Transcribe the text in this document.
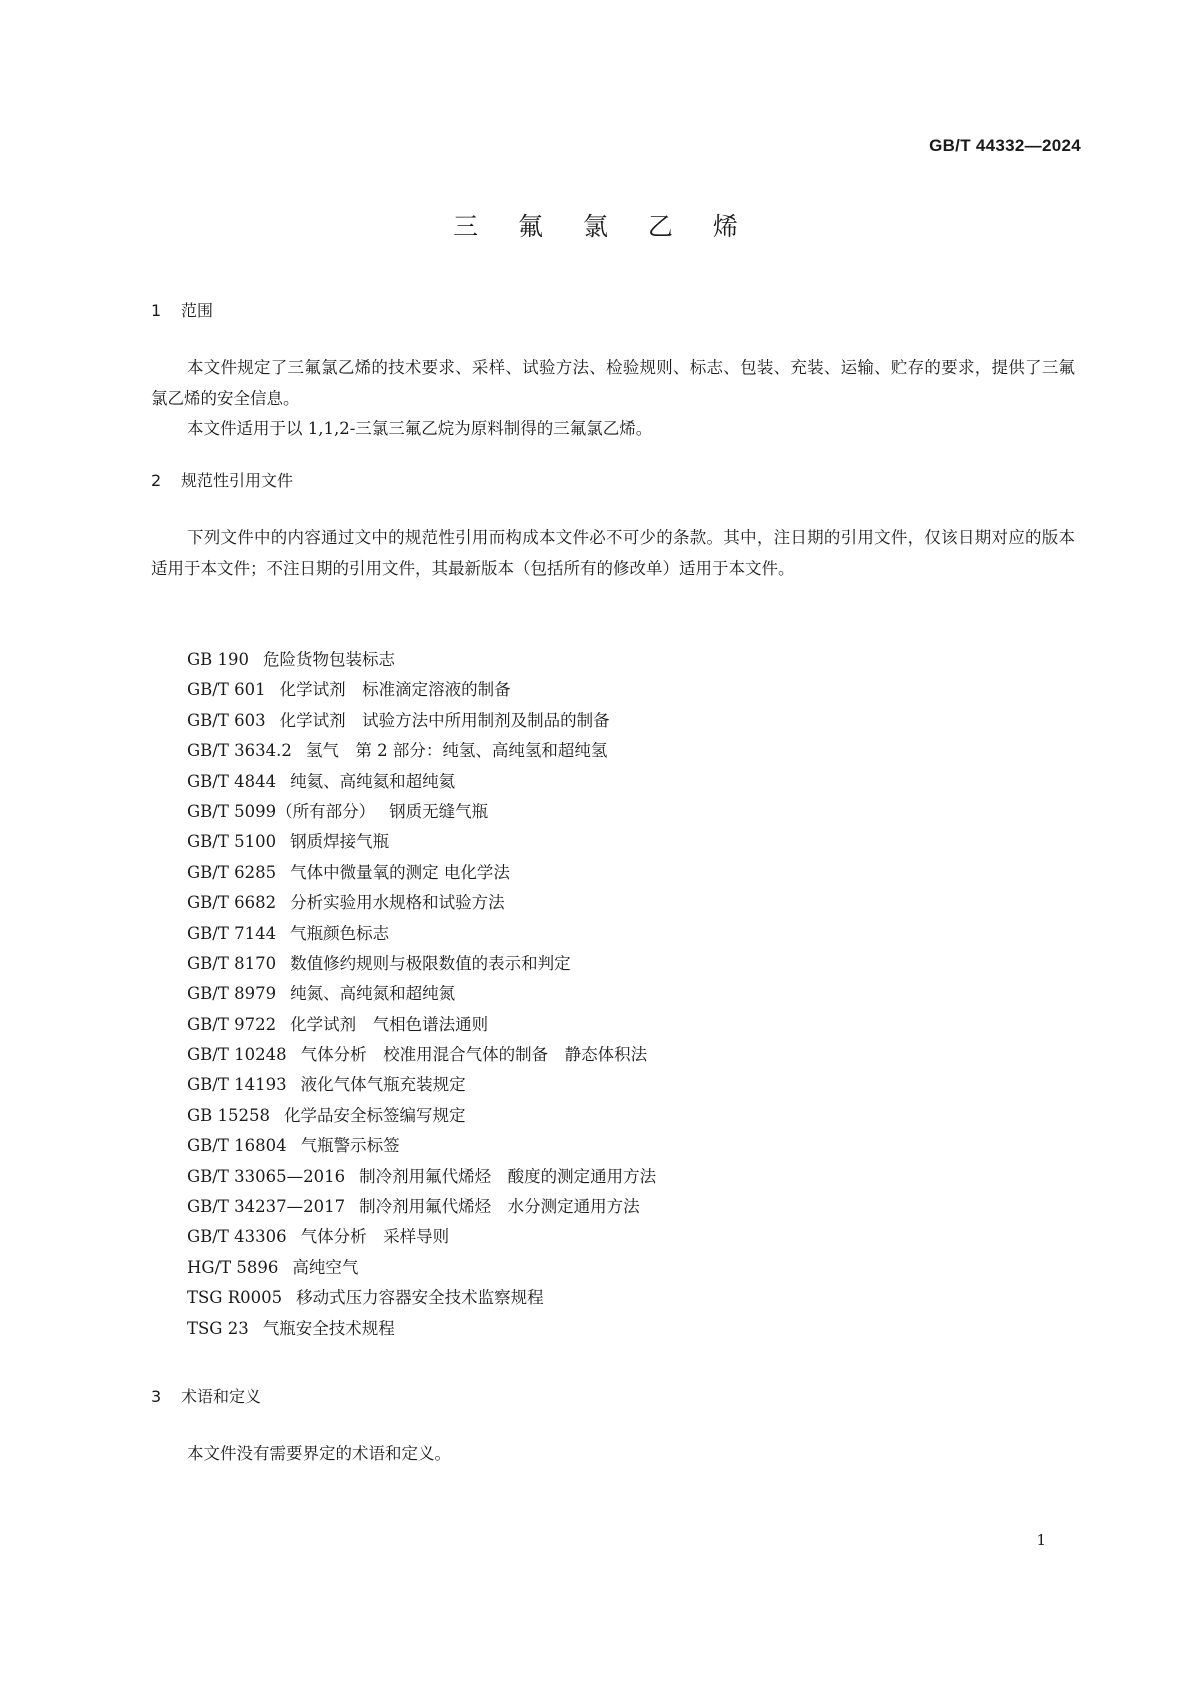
GB/T 44332—2024
三 氟 氯 乙 烯
1 范围
本文件规定了三氟氯乙烯的技术要求、采样、试验方法、检验规则、标志、包装、充装、运输、贮存的要求，提供了三氟氯乙烯的安全信息。
本文件适用于以 1,1,2-三氯三氟乙烷为原料制得的三氟氯乙烯。
2 规范性引用文件
下列文件中的内容通过文中的规范性引用而构成本文件必不可少的条款。其中，注日期的引用文件，仅该日期对应的版本适用于本文件；不注日期的引用文件，其最新版本（包括所有的修改单）适用于本文件。
GB 190 危险货物包装标志
GB/T 601 化学试剂　标准滴定溶液的制备
GB/T 603 化学试剂　试验方法中所用制剂及制品的制备
GB/T 3634.2 氢气　第 2 部分：纯氢、高纯氢和超纯氢
GB/T 4844 纯氦、高纯氦和超纯氦
GB/T 5099（所有部分） 钢质无缝气瓶
GB/T 5100 钢质焊接气瓶
GB/T 6285 气体中微量氧的测定 电化学法
GB/T 6682 分析实验用水规格和试验方法
GB/T 7144 气瓶颜色标志
GB/T 8170 数值修约规则与极限数值的表示和判定
GB/T 8979 纯氮、高纯氮和超纯氮
GB/T 9722 化学试剂　气相色谱法通则
GB/T 10248 气体分析　校准用混合气体的制备　静态体积法
GB/T 14193 液化气体气瓶充装规定
GB 15258 化学品安全标签编写规定
GB/T 16804 气瓶警示标签
GB/T 33065—2016 制冷剂用氟代烯烃　酸度的测定通用方法
GB/T 34237—2017 制冷剂用氟代烯烃　水分测定通用方法
GB/T 43306 气体分析　采样导则
HG/T 5896 高纯空气
TSG R0005 移动式压力容器安全技术监察规程
TSG 23 气瓶安全技术规程
3 术语和定义
本文件没有需要界定的术语和定义。
1
